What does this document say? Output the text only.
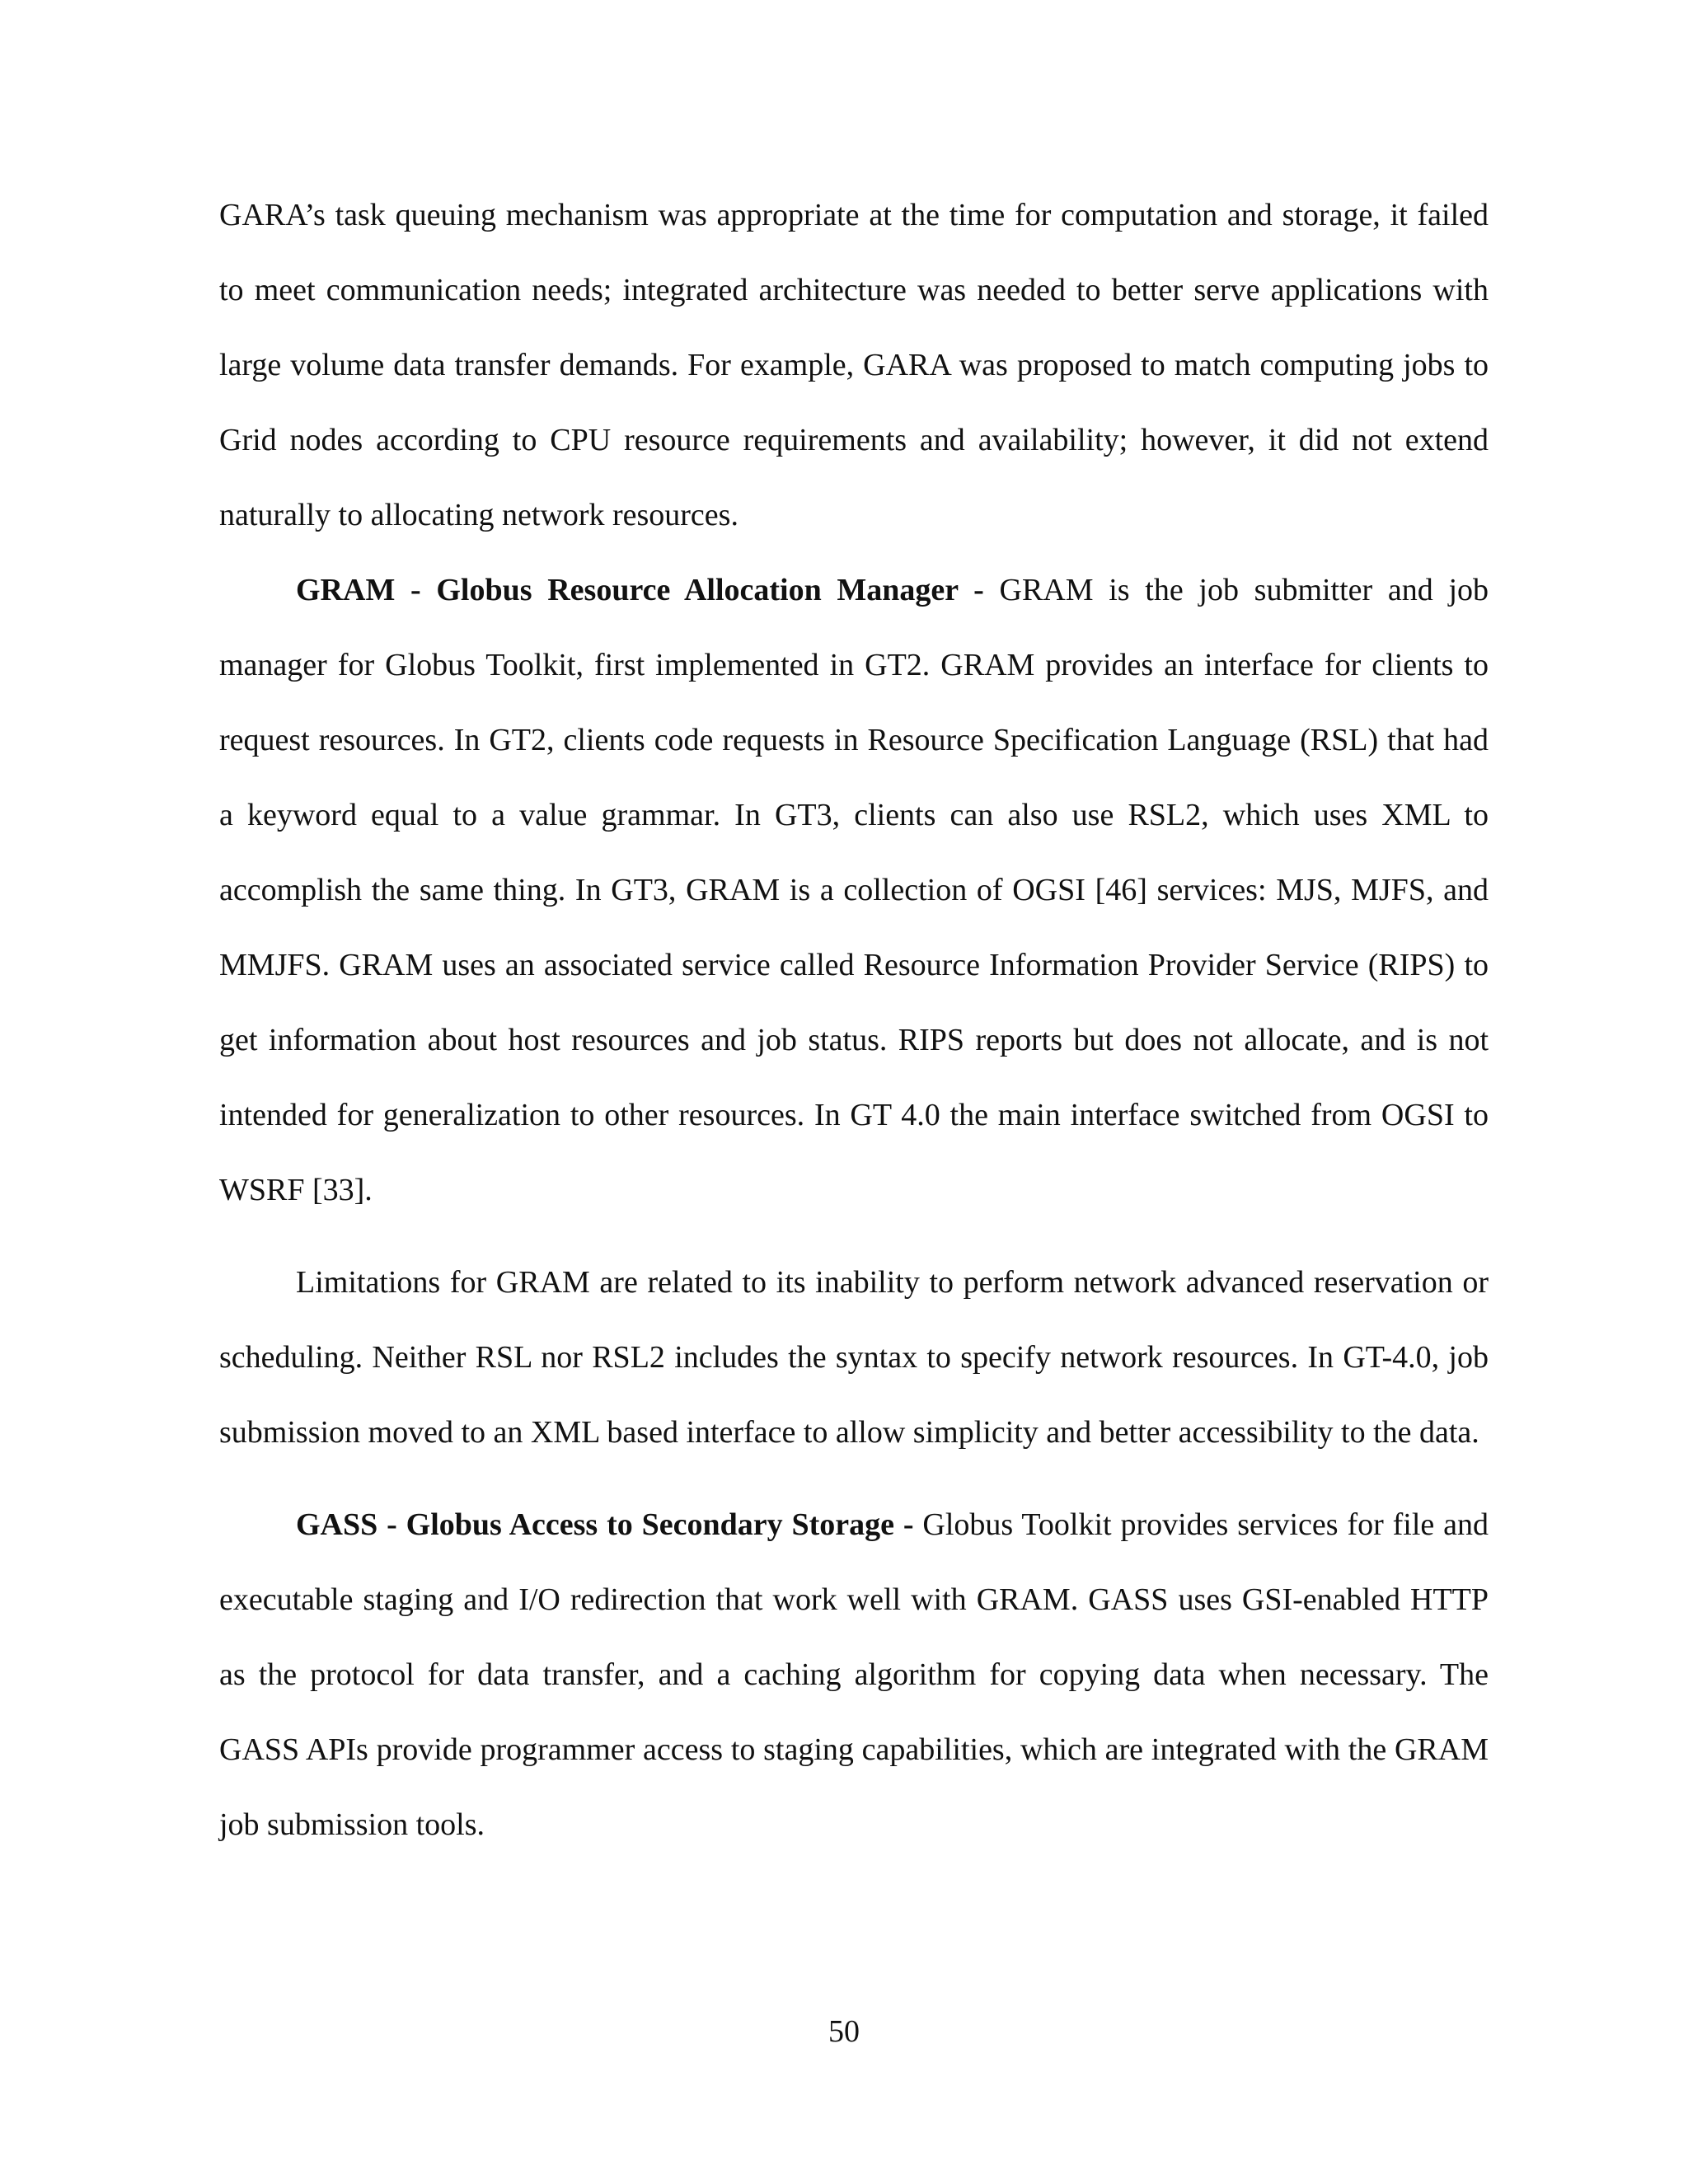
GARA’s task queuing mechanism was appropriate at the time for computation and storage, it failed to meet communication needs; integrated architecture was needed to better serve applications with large volume data transfer demands. For example, GARA was proposed to match computing jobs to Grid nodes according to CPU resource requirements and availability; however, it did not extend naturally to allocating network resources.

GRAM - Globus Resource Allocation Manager - GRAM is the job submitter and job manager for Globus Toolkit, first implemented in GT2. GRAM provides an interface for clients to request resources. In GT2, clients code requests in Resource Specification Language (RSL) that had a keyword equal to a value grammar. In GT3, clients can also use RSL2, which uses XML to accomplish the same thing. In GT3, GRAM is a collection of OGSI [46] services: MJS, MJFS, and MMJFS. GRAM uses an associated service called Resource Information Provider Service (RIPS) to get information about host resources and job status. RIPS reports but does not allocate, and is not intended for generalization to other resources. In GT 4.0 the main interface switched from OGSI to WSRF [33].

Limitations for GRAM are related to its inability to perform network advanced reservation or scheduling. Neither RSL nor RSL2 includes the syntax to specify network resources. In GT-4.0, job submission moved to an XML based interface to allow simplicity and better accessibility to the data.

GASS - Globus Access to Secondary Storage - Globus Toolkit provides services for file and executable staging and I/O redirection that work well with GRAM. GASS uses GSI-enabled HTTP as the protocol for data transfer, and a caching algorithm for copying data when necessary. The GASS APIs provide programmer access to staging capabilities, which are integrated with the GRAM job submission tools.

50
